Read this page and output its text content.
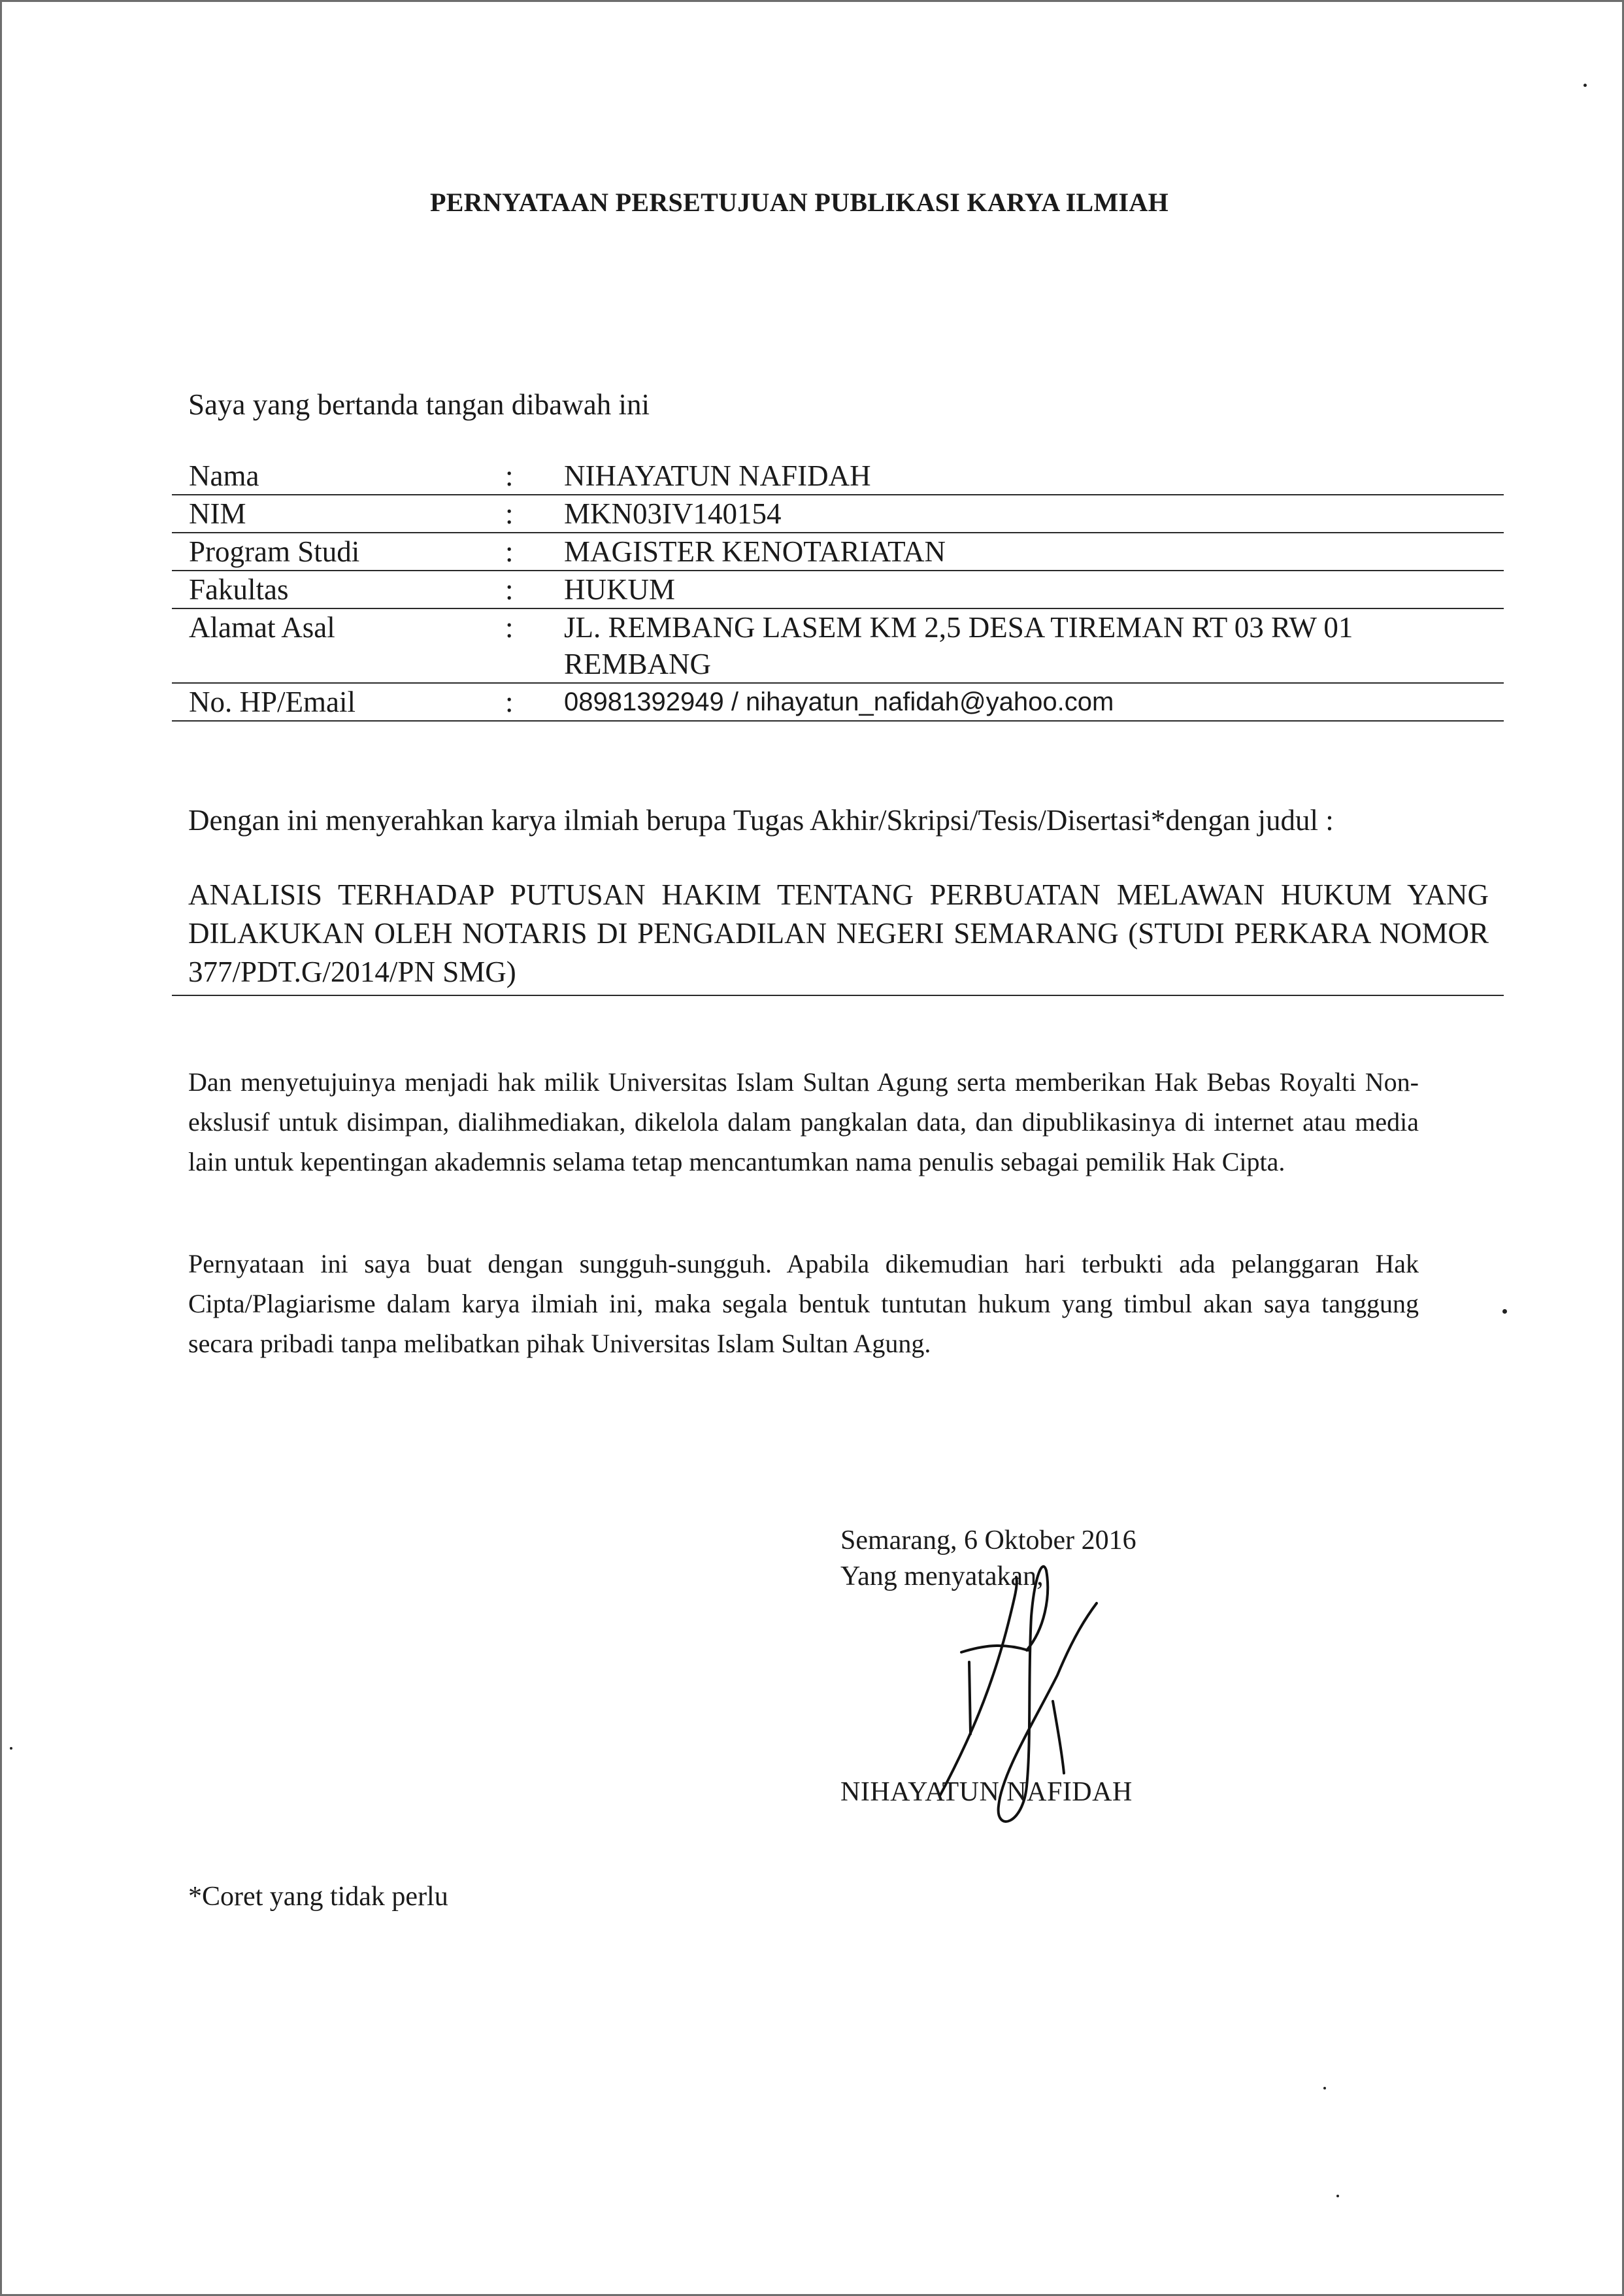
PERNYATAAN PERSETUJUAN PUBLIKASI KARYA ILMIAH
Saya yang bertanda tangan dibawah ini
Nama	:	NIHAYATUN NAFIDAH
NIM	:	MKN03IV140154
Program Studi	:	MAGISTER KENOTARIATAN
Fakultas	:	HUKUM
Alamat Asal	:	JL. REMBANG LASEM KM 2,5 DESA TIREMAN RT 03 RW 01
REMBANG
No. HP/Email	:	08981392949 / nihayatun_nafidah@yahoo.com
Dengan ini menyerahkan karya ilmiah berupa Tugas Akhir/Skripsi/Tesis/Disertasi*dengan judul :
ANALISIS TERHADAP PUTUSAN HAKIM TENTANG PERBUATAN MELAWAN HUKUM YANG DILAKUKAN OLEH NOTARIS DI PENGADILAN NEGERI SEMARANG (STUDI PERKARA NOMOR 377/PDT.G/2014/PN SMG)
Dan menyetujuinya menjadi hak milik Universitas Islam Sultan Agung serta memberikan Hak Bebas Royalti Non-ekslusif untuk disimpan, dialihmediakan, dikelola dalam pangkalan data, dan dipublikasinya di internet atau media lain untuk kepentingan akademnis selama tetap mencantumkan nama penulis sebagai pemilik Hak Cipta.
Pernyataan ini saya buat dengan sungguh-sungguh. Apabila dikemudian hari terbukti ada pelanggaran Hak Cipta/Plagiarisme dalam karya ilmiah ini, maka segala bentuk tuntutan hukum yang timbul akan saya tanggung secara pribadi tanpa melibatkan pihak Universitas Islam Sultan Agung.
Semarang, 6 Oktober 2016
Yang menyatakan,
NIHAYATUN NAFIDAH
*Coret yang tidak perlu
